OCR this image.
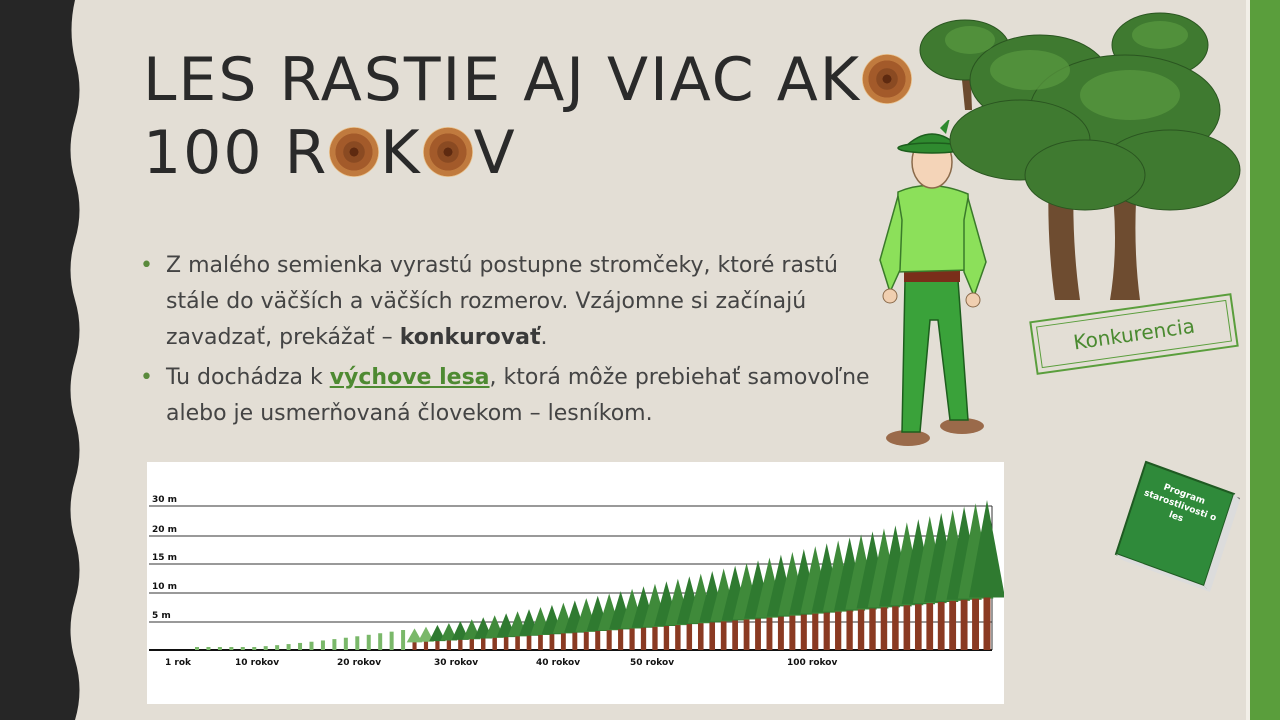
LES RASTIE AJ VIAC AK
100 R K V
• Z malého semienka vyrastú postupne stromčeky, ktoré rastú stále do väčších a väčších rozmerov. Vzájomne si začínajú zavadzať, prekážať – konkurovať.
• Tu dochádza k výchove lesa, ktorá môže prebiehať samovoľne alebo je usmerňovaná človekom – lesníkom.
5 m
10 m
15 m
20 m
30 m
1 rok	10 rokov	20 rokov	30 rokov	40 rokov	50 rokov	100 rokov
Konkurencia
Program starostlivosti o les
